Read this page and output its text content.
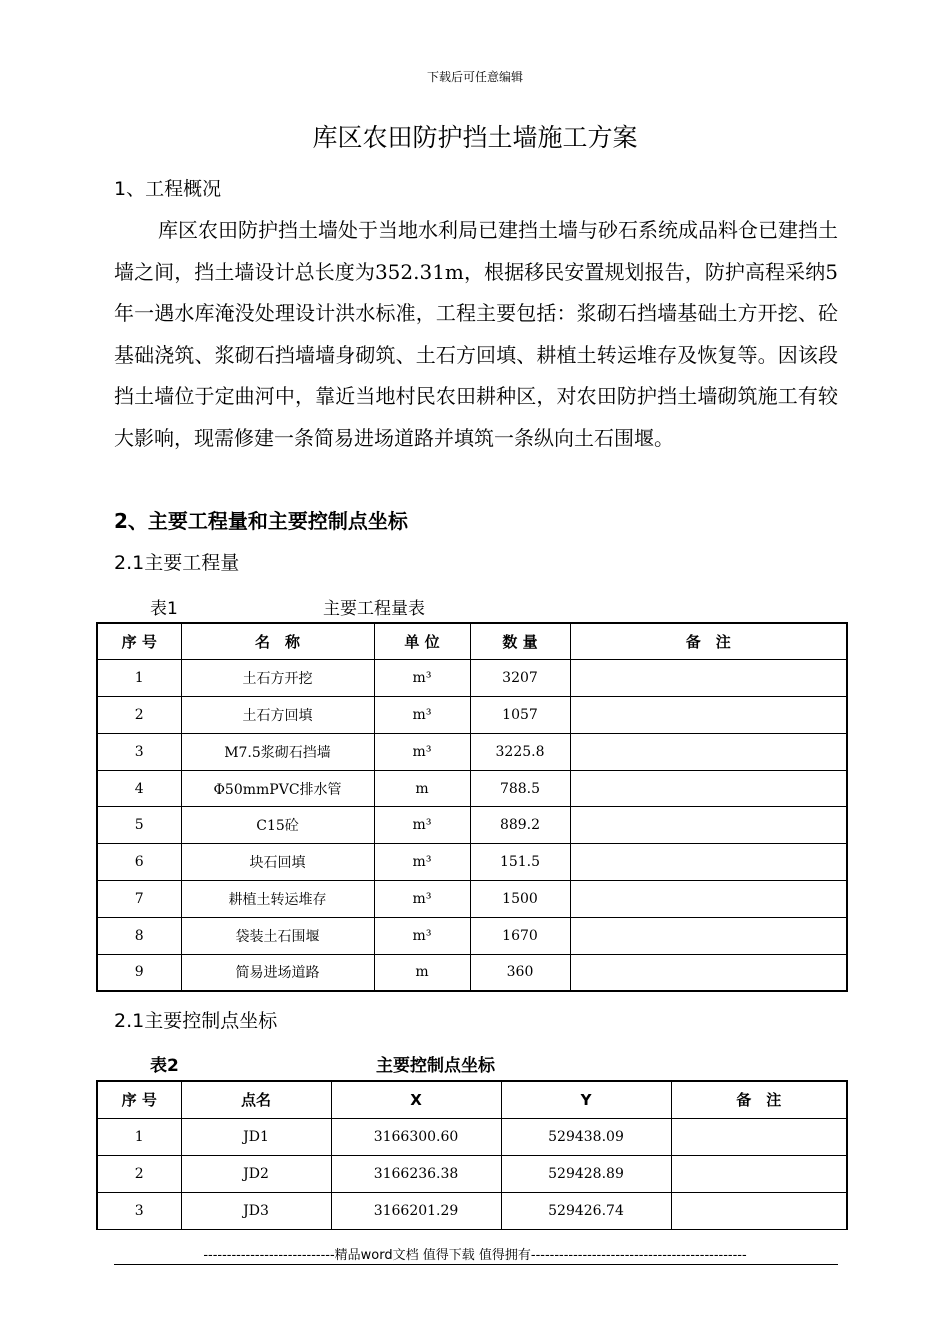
下载后可任意编辑
库区农田防护挡土墙施工方案
1、工程概况

库区农田防护挡土墙处于当地水利局已建挡土墙与砂石系统成品料仓已建挡土墙之间，挡土墙设计总长度为352.31m，根据移民安置规划报告，防护高程采纳5年一遇水库淹没处理设计洪水标准，工程主要包括：浆砌石挡墙基础土方开挖、砼基础浇筑、浆砌石挡墙墙身砌筑、土石方回填、耕植土转运堆存及恢复等。因该段挡土墙位于定曲河中，靠近当地村民农田耕种区，对农田防护挡土墙砌筑施工有较大影响，现需修建一条简易进场道路并填筑一条纵向土石围堰。

2、主要工程量和主要控制点坐标
2.1主要工程量
表1	主要工程量表
序 号	名　称	单 位	数 量	备　注
1	土石方开挖	m³	3207	
2	土石方回填	m³	1057	
3	M7.5浆砌石挡墙	m³	3225.8	
4	Φ50mmPVC排水管	m	788.5	
5	C15砼	m³	889.2	
6	块石回填	m³	151.5	
7	耕植土转运堆存	m³	1500	
8	袋装土石围堰	m³	1670	
9	简易进场道路	m	360	
2.1主要控制点坐标
表2	主要控制点坐标
序 号	点名	X	Y	备　注
1	JD1	3166300.60	529438.09	
2	JD2	3166236.38	529428.89	
3	JD3	3166201.29	529426.74	
----------------------------精品word文档 值得下载 值得拥有----------------------------------------------
